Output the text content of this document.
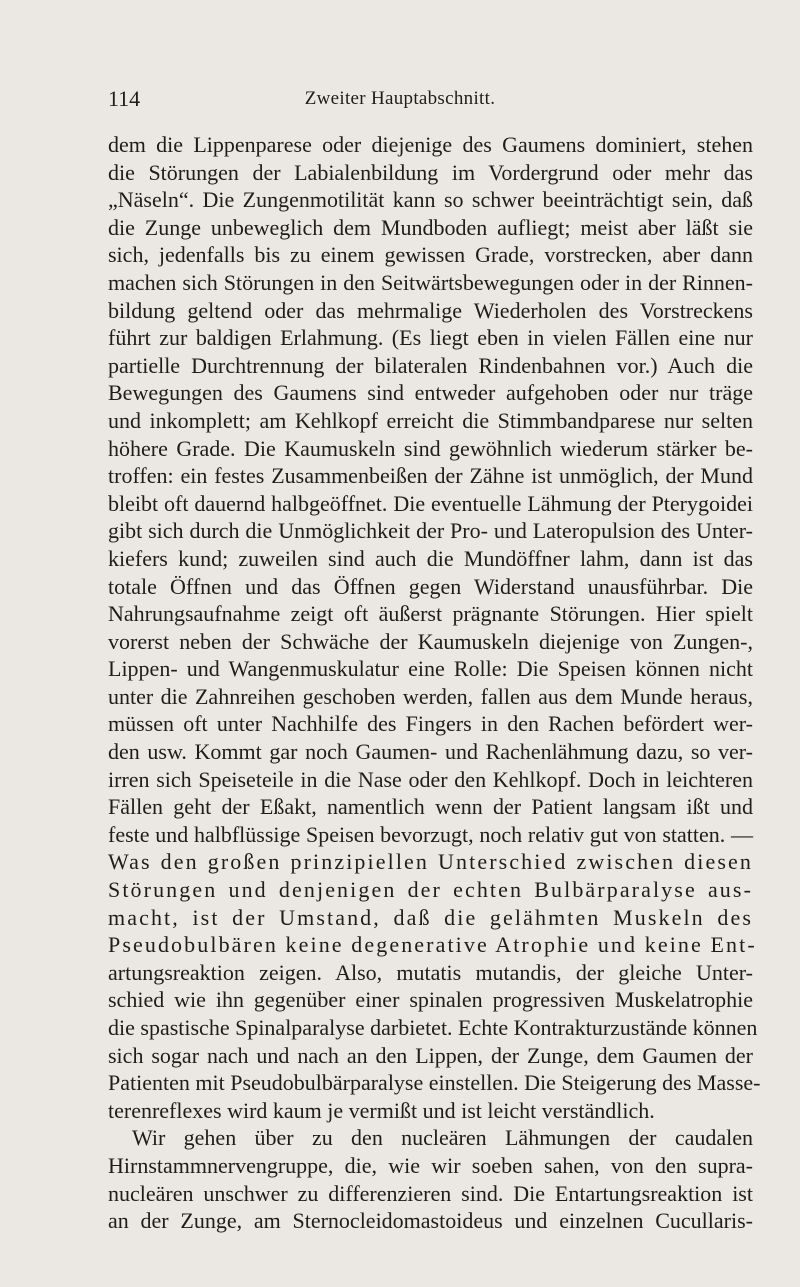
114	Zweiter Hauptabschnitt.
dem die Lippenparese oder diejenige des Gaumens dominiert, stehen
die Störungen der Labialenbildung im Vordergrund oder mehr das
„Näseln“. Die Zungenmotilität kann so schwer beeinträchtigt sein, daß
die Zunge unbeweglich dem Mundboden aufliegt; meist aber läßt sie
sich, jedenfalls bis zu einem gewissen Grade, vorstrecken, aber dann
machen sich Störungen in den Seitwärtsbewegungen oder in der Rinnen-
bildung geltend oder das mehrmalige Wiederholen des Vorstreckens
führt zur baldigen Erlahmung. (Es liegt eben in vielen Fällen eine nur
partielle Durchtrennung der bilateralen Rindenbahnen vor.) Auch die
Bewegungen des Gaumens sind entweder aufgehoben oder nur träge
und inkomplett; am Kehlkopf erreicht die Stimmbandparese nur selten
höhere Grade. Die Kaumuskeln sind gewöhnlich wiederum stärker be-
troffen: ein festes Zusammenbeißen der Zähne ist unmöglich, der Mund
bleibt oft dauernd halbgeöffnet. Die eventuelle Lähmung der Pterygoidei
gibt sich durch die Unmöglichkeit der Pro- und Lateropulsion des Unter-
kiefers kund; zuweilen sind auch die Mundöffner lahm, dann ist das
totale Öffnen und das Öffnen gegen Widerstand unausführbar. Die
Nahrungsaufnahme zeigt oft äußerst prägnante Störungen. Hier spielt
vorerst neben der Schwäche der Kaumuskeln diejenige von Zungen-,
Lippen- und Wangenmuskulatur eine Rolle: Die Speisen können nicht
unter die Zahnreihen geschoben werden, fallen aus dem Munde heraus,
müssen oft unter Nachhilfe des Fingers in den Rachen befördert wer-
den usw. Kommt gar noch Gaumen- und Rachenlähmung dazu, so ver-
irren sich Speiseteile in die Nase oder den Kehlkopf. Doch in leichteren
Fällen geht der Eßakt, namentlich wenn der Patient langsam ißt und
feste und halbflüssige Speisen bevorzugt, noch relativ gut von statten. —
Was den großen prinzipiellen Unterschied zwischen diesen
Störungen und denjenigen der echten Bulbärparalyse aus-
macht, ist der Umstand, daß die gelähmten Muskeln des
Pseudobulbären keine degenerative Atrophie und keine Ent-
artungsreaktion zeigen. Also, mutatis mutandis, der gleiche Unter-
schied wie ihn gegenüber einer spinalen progressiven Muskelatrophie
die spastische Spinalparalyse darbietet. Echte Kontrakturzustände können
sich sogar nach und nach an den Lippen, der Zunge, dem Gaumen der
Patienten mit Pseudobulbärparalyse einstellen. Die Steigerung des Masse-
terenreflexes wird kaum je vermißt und ist leicht verständlich.
Wir gehen über zu den nucleären Lähmungen der caudalen
Hirnstammnervengruppe, die, wie wir soeben sahen, von den supra-
nucleären unschwer zu differenzieren sind. Die Entartungsreaktion ist
an der Zunge, am Sternocleidomastoideus und einzelnen Cucullaris-
